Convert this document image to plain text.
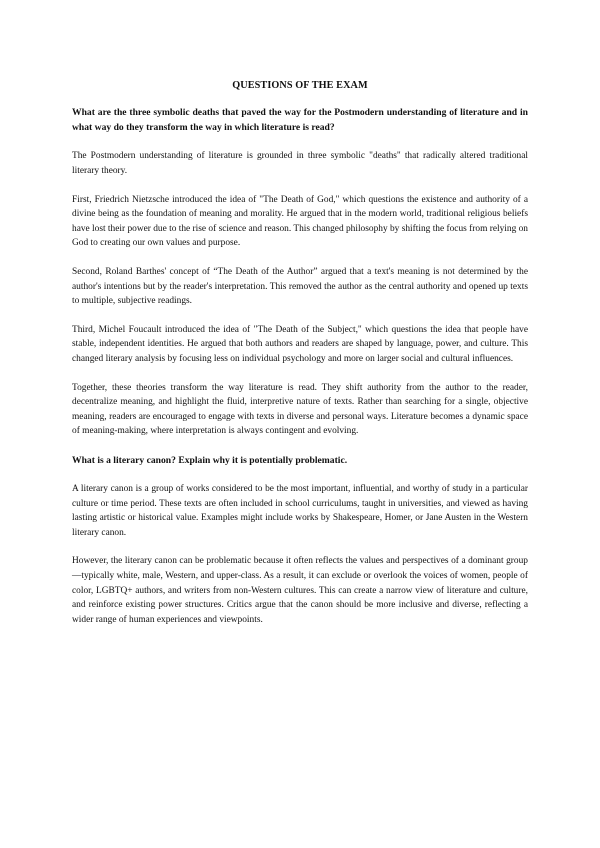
QUESTIONS OF THE EXAM

What are the three symbolic deaths that paved the way for the Postmodern understanding of literature and in what way do they transform the way in which literature is read?

The Postmodern understanding of literature is grounded in three symbolic "deaths" that radically altered traditional literary theory.

First, Friedrich Nietzsche introduced the idea of "The Death of God," which questions the existence and authority of a divine being as the foundation of meaning and morality. He argued that in the modern world, traditional religious beliefs have lost their power due to the rise of science and reason. This changed philosophy by shifting the focus from relying on God to creating our own values and purpose.

Second, Roland Barthes' concept of “The Death of the Author” argued that a text's meaning is not determined by the author's intentions but by the reader's interpretation. This removed the author as the central authority and opened up texts to multiple, subjective readings.

Third, Michel Foucault introduced the idea of "The Death of the Subject," which questions the idea that people have stable, independent identities. He argued that both authors and readers are shaped by language, power, and culture. This changed literary analysis by focusing less on individual psychology and more on larger social and cultural influences.

Together, these theories transform the way literature is read. They shift authority from the author to the reader, decentralize meaning, and highlight the fluid, interpretive nature of texts. Rather than searching for a single, objective meaning, readers are encouraged to engage with texts in diverse and personal ways. Literature becomes a dynamic space of meaning-making, where interpretation is always contingent and evolving.

What is a literary canon? Explain why it is potentially problematic.

A literary canon is a group of works considered to be the most important, influential, and worthy of study in a particular culture or time period. These texts are often included in school curriculums, taught in universities, and viewed as having lasting artistic or historical value. Examples might include works by Shakespeare, Homer, or Jane Austen in the Western literary canon.

However, the literary canon can be problematic because it often reflects the values and perspectives of a dominant group—typically white, male, Western, and upper-class. As a result, it can exclude or overlook the voices of women, people of color, LGBTQ+ authors, and writers from non-Western cultures. This can create a narrow view of literature and culture, and reinforce existing power structures. Critics argue that the canon should be more inclusive and diverse, reflecting a wider range of human experiences and viewpoints.
